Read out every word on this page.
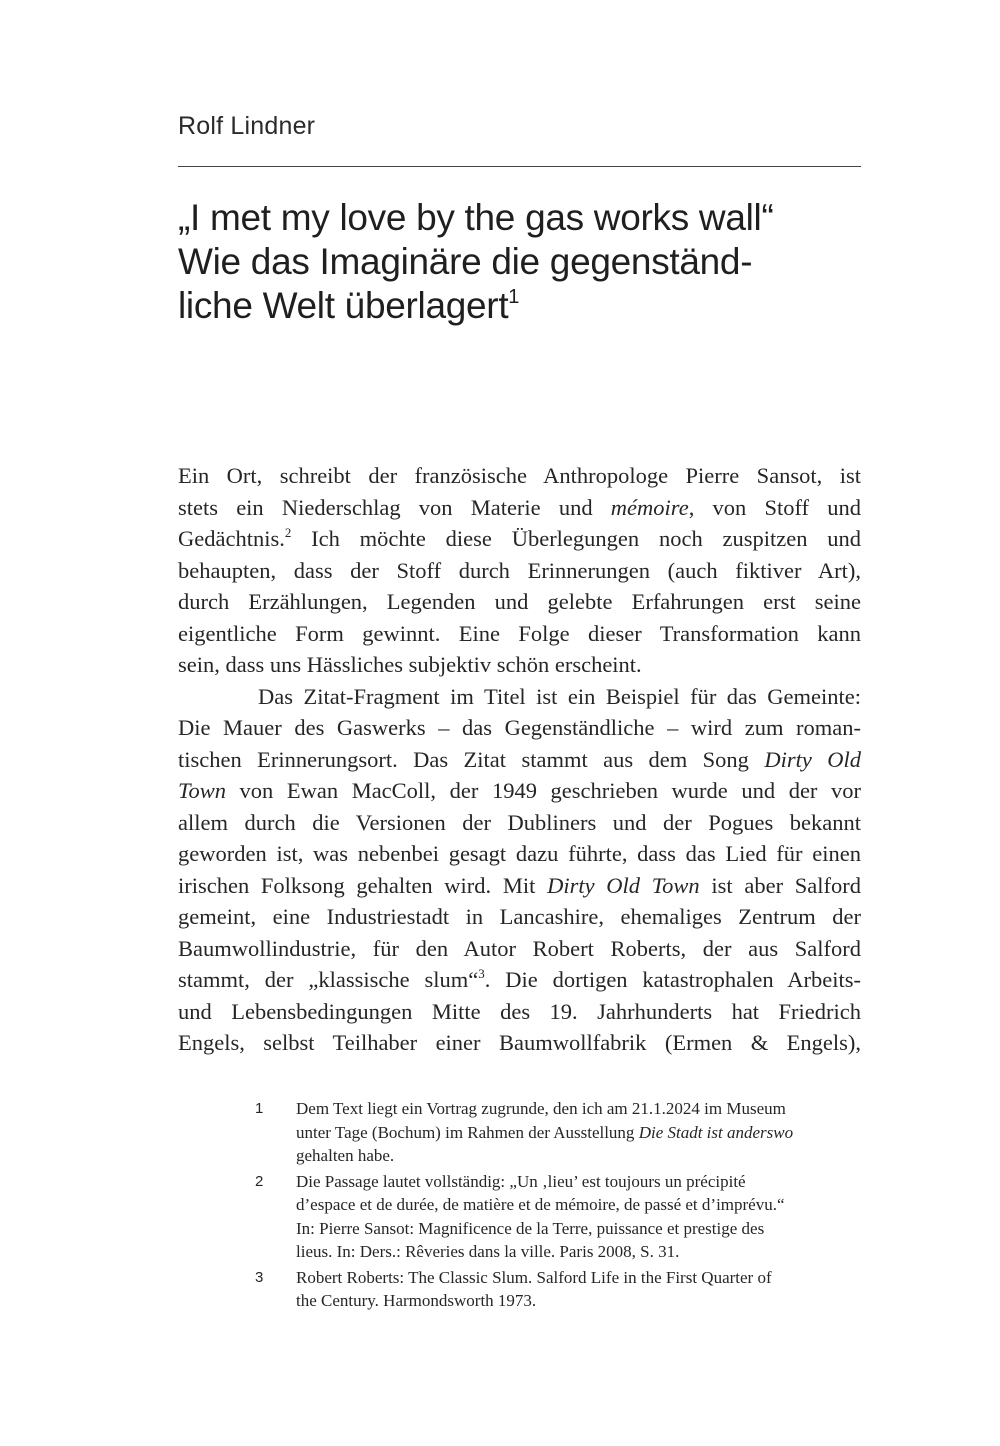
Rolf Lindner
„I met my love by the gas works wall“
Wie das Imaginäre die gegenständ-
liche Welt überlagert$^1$
Ein Ort, schreibt der französische Anthropologe Pierre Sansot, ist
stets ein Niederschlag von Materie und mémoire, von Stoff und
Gedächtnis.$^2$ Ich möchte diese Überlegungen noch zuspitzen und
behaupten, dass der Stoff durch Erinnerungen (auch fiktiver Art),
durch Erzählungen, Legenden und gelebte Erfahrungen erst seine
eigentliche Form gewinnt. Eine Folge dieser Transformation kann
sein, dass uns Hässliches subjektiv schön erscheint.
Das Zitat-Fragment im Titel ist ein Beispiel für das Gemeinte:
Die Mauer des Gaswerks – das Gegenständliche – wird zum roman-
tischen Erinnerungsort. Das Zitat stammt aus dem Song Dirty Old
Town von Ewan MacColl, der 1949 geschrieben wurde und der vor
allem durch die Versionen der Dubliners und der Pogues bekannt
geworden ist, was nebenbei gesagt dazu führte, dass das Lied für einen
irischen Folksong gehalten wird. Mit Dirty Old Town ist aber Salford
gemeint, eine Industriestadt in Lancashire, ehemaliges Zentrum der
Baumwollindustrie, für den Autor Robert Roberts, der aus Salford
stammt, der „klassische slum“$^3$. Die dortigen katastrophalen Arbeits-
und Lebensbedingungen Mitte des 19. Jahrhunderts hat Friedrich
Engels, selbst Teilhaber einer Baumwollfabrik (Ermen & Engels),
1 Dem Text liegt ein Vortrag zugrunde, den ich am 21.1.2024 im Museum
unter Tage (Bochum) im Rahmen der Ausstellung Die Stadt ist anderswo
gehalten habe.
2 Die Passage lautet vollständig: „Un ‚lieu’ est toujours un précipité
d’espace et de durée, de matière et de mémoire, de passé et d’imprévu.“
In: Pierre Sansot: Magnificence de la Terre, puissance et prestige des
lieus. In: Ders.: Rêveries dans la ville. Paris 2008, S. 31.
3 Robert Roberts: The Classic Slum. Salford Life in the First Quarter of
the Century. Harmondsworth 1973.
